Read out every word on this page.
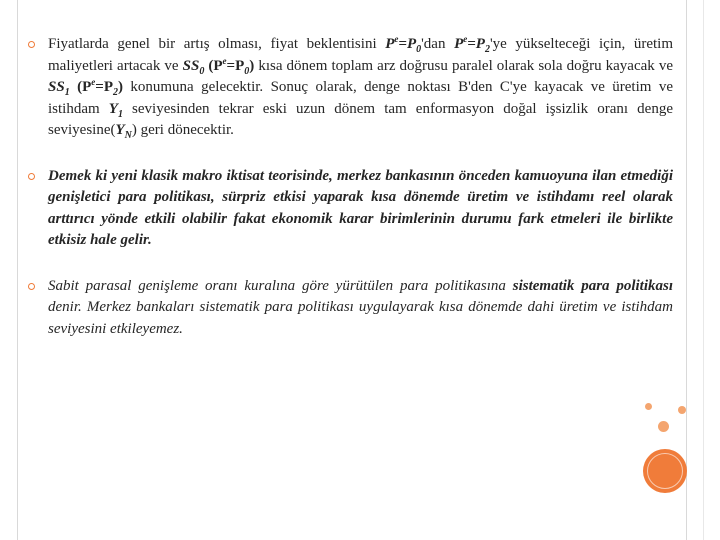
Fiyatlarda genel bir artış olması, fiyat beklentisini $P^e=P_0'dan$ $P^e=P_2'ye$ yükselteceği için, üretim maliyetleri artacak ve $SS_0$ $(P^e=P_0)$ kısa dönem toplam arz doğrusu paralel olarak sola doğru kayacak ve $SS_1$ $(P^e=P_2)$ konumuna gelecektir. Sonuç olarak, denge noktası B'den C'ye kayacak ve üretim ve istihdam $Y_1$ seviyesinden tekrar eski uzun dönem tam enformasyon doğal işsizlik oranı denge $seviyesine(Y_N)$ geri dönecektir.
Demek ki yeni klasik makro iktisat teorisinde, merkez bankasının önceden kamuoyuna ilan etmediği genişletici para politikası, sürpriz etkisi yaparak kısa dönemde üretim ve istihdamı reel olarak arttırıcı yönde etkili olabilir fakat ekonomik karar birimlerinin durumu fark etmeleri ile birlikte etkisiz hale gelir.
Sabit parasal genişleme oranı kuralına göre yürütülen para politikasına sistematik para politikası denir. Merkez bankaları sistematik para politikası uygulayarak kısa dönemde dahi üretim ve istihdam seviyesini etkileyemez.
